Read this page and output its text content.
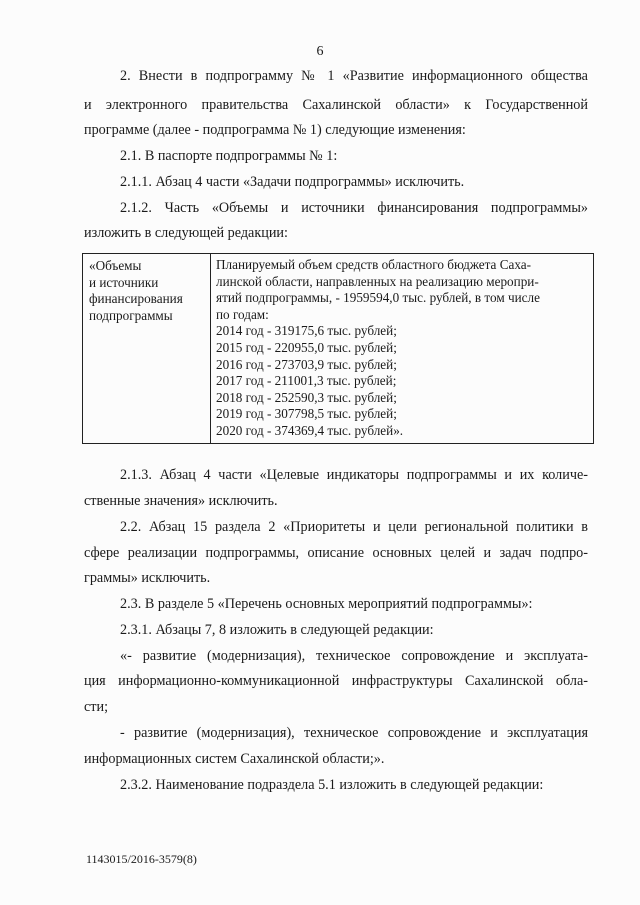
6
2. Внести в подпрограмму № 1 «Развитие информационного общества
и электронного правительства Сахалинской области» к Государственной
программе (далее - подпрограмма № 1) следующие изменения:
2.1. В паспорте подпрограммы № 1:
2.1.1. Абзац 4 части «Задачи подпрограммы» исключить.
2.1.2. Часть «Объемы и источники финансирования подпрограммы»
изложить в следующей редакции:
«Объемы
и источники
финансирования
подпрограммы
Планируемый объем средств областного бюджета Саха-
линской области, направленных на реализацию меропри-
ятий подпрограммы, - 1959594,0 тыс. рублей, в том числе
по годам:
2014 год - 319175,6 тыс. рублей;
2015 год - 220955,0 тыс. рублей;
2016 год - 273703,9 тыс. рублей;
2017 год - 211001,3 тыс. рублей;
2018 год - 252590,3 тыс. рублей;
2019 год - 307798,5 тыс. рублей;
2020 год - 374369,4 тыс. рублей».
2.1.3. Абзац 4 части «Целевые индикаторы подпрограммы и их количе-
ственные значения» исключить.
2.2. Абзац 15 раздела 2 «Приоритеты и цели региональной политики в
сфере реализации подпрограммы, описание основных целей и задач подпро-
граммы» исключить.
2.3. В разделе 5 «Перечень основных мероприятий подпрограммы»:
2.3.1. Абзацы 7, 8 изложить в следующей редакции:
«- развитие (модернизация), техническое сопровождение и эксплуата-
ция информационно-коммуникационной инфраструктуры Сахалинской обла-
сти;
- развитие (модернизация), техническое сопровождение и эксплуатация
информационных систем Сахалинской области;».
2.3.2. Наименование подраздела 5.1 изложить в следующей редакции:
1143015/2016-3579(8)
